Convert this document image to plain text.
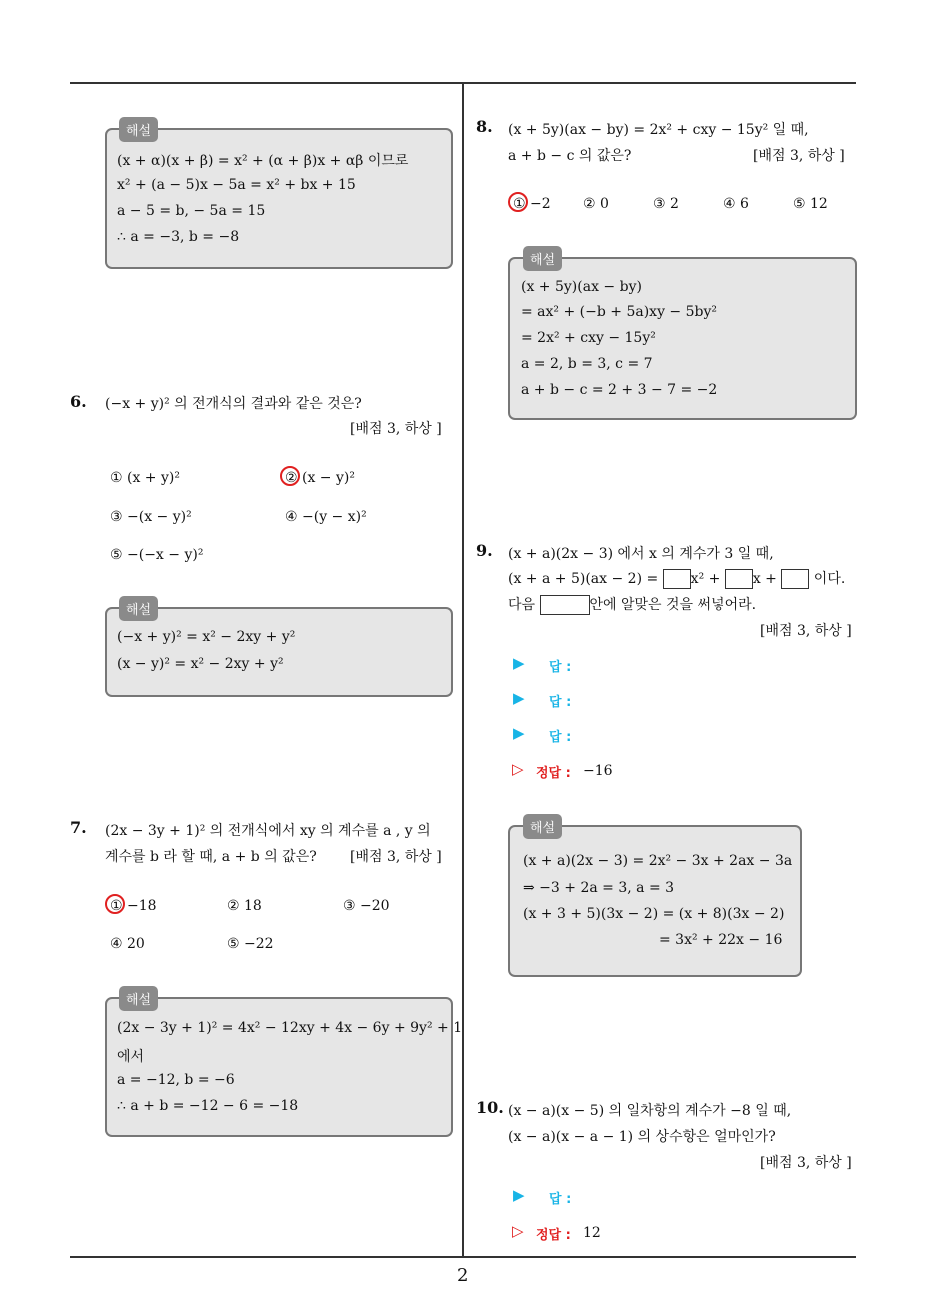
해설
(x + α)(x + β) = x² + (α + β)x + αβ 이므로
x² + (a − 5)x − 5a = x² + bx + 15
a − 5 = b, − 5a = 15
∴ a = −3, b = −8
6. (−x + y)² 의 전개식의 결과와 같은 것은?
[배점 3, 하상 ]
① (x + y)²	② (x − y)²
③ −(x − y)²	④ −(y − x)²
⑤ −(−x − y)²
해설
(−x + y)² = x² − 2xy + y²
(x − y)² = x² − 2xy + y²
7. (2x − 3y + 1)² 의 전개식에서 xy 의 계수를 a , y 의
계수를 b 라 할 때, a + b 의 값은? [배점 3, 하상 ]
① −18	② 18	③ −20
④ 20	⑤ −22
해설
(2x − 3y + 1)² = 4x² − 12xy + 4x − 6y + 9y² + 1
에서
a = −12, b = −6
∴ a + b = −12 − 6 = −18
8. (x + 5y)(ax − by) = 2x² + cxy − 15y² 일 때,
a + b − c 의 값은?	[배점 3, 하상 ]
① −2 ② 0	③ 2	④ 6	⑤ 12
해설
(x + 5y)(ax − by)
= ax² + (−b + 5a)xy − 5by²
= 2x² + cxy − 15y²
a = 2, b = 3, c = 7
a + b − c = 2 + 3 − 7 = −2
9. (x + a)(2x − 3) 에서 x 의 계수가 3 일 때,
(x + a + 5)(ax − 2) = x² + x +  이다.
다음	안에 알맞은 것을 써넣어라.
[배점 3, 하상 ]
▶ 답 :
▶ 답 :
▶ 답 :
▷ 정답 : −16
해설
(x + a)(2x − 3) = 2x² − 3x + 2ax − 3a
⇒ −3 + 2a = 3, a = 3
(x + 3 + 5)(3x − 2) = (x + 8)(3x − 2)
= 3x² + 22x − 16
10. (x − a)(x − 5) 의 일차항의 계수가 −8 일 때,
(x − a)(x − a − 1) 의 상수항은 얼마인가?
[배점 3, 하상 ]
▶ 답 :
▷ 정답 : 12
2
